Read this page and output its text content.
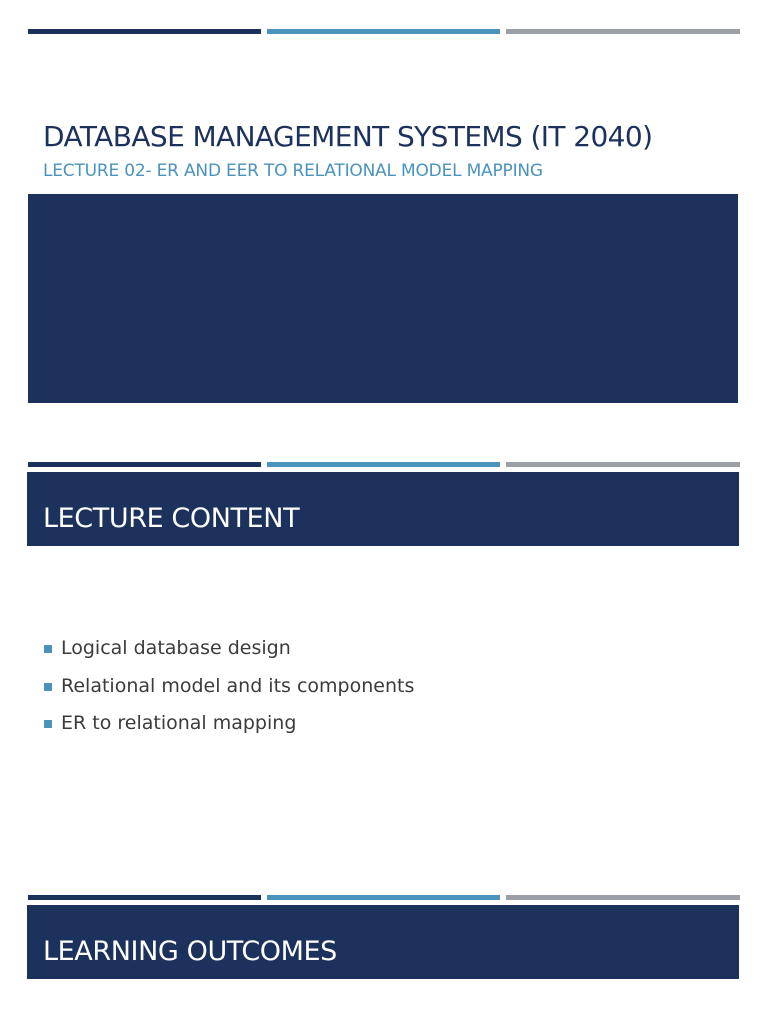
DATABASE MANAGEMENT SYSTEMS (IT 2040)
LECTURE 02- ER AND EER TO RELATIONAL MODEL MAPPING
LECTURE CONTENT
Logical database design
Relational model and its components
ER to relational mapping
LEARNING OUTCOMES
